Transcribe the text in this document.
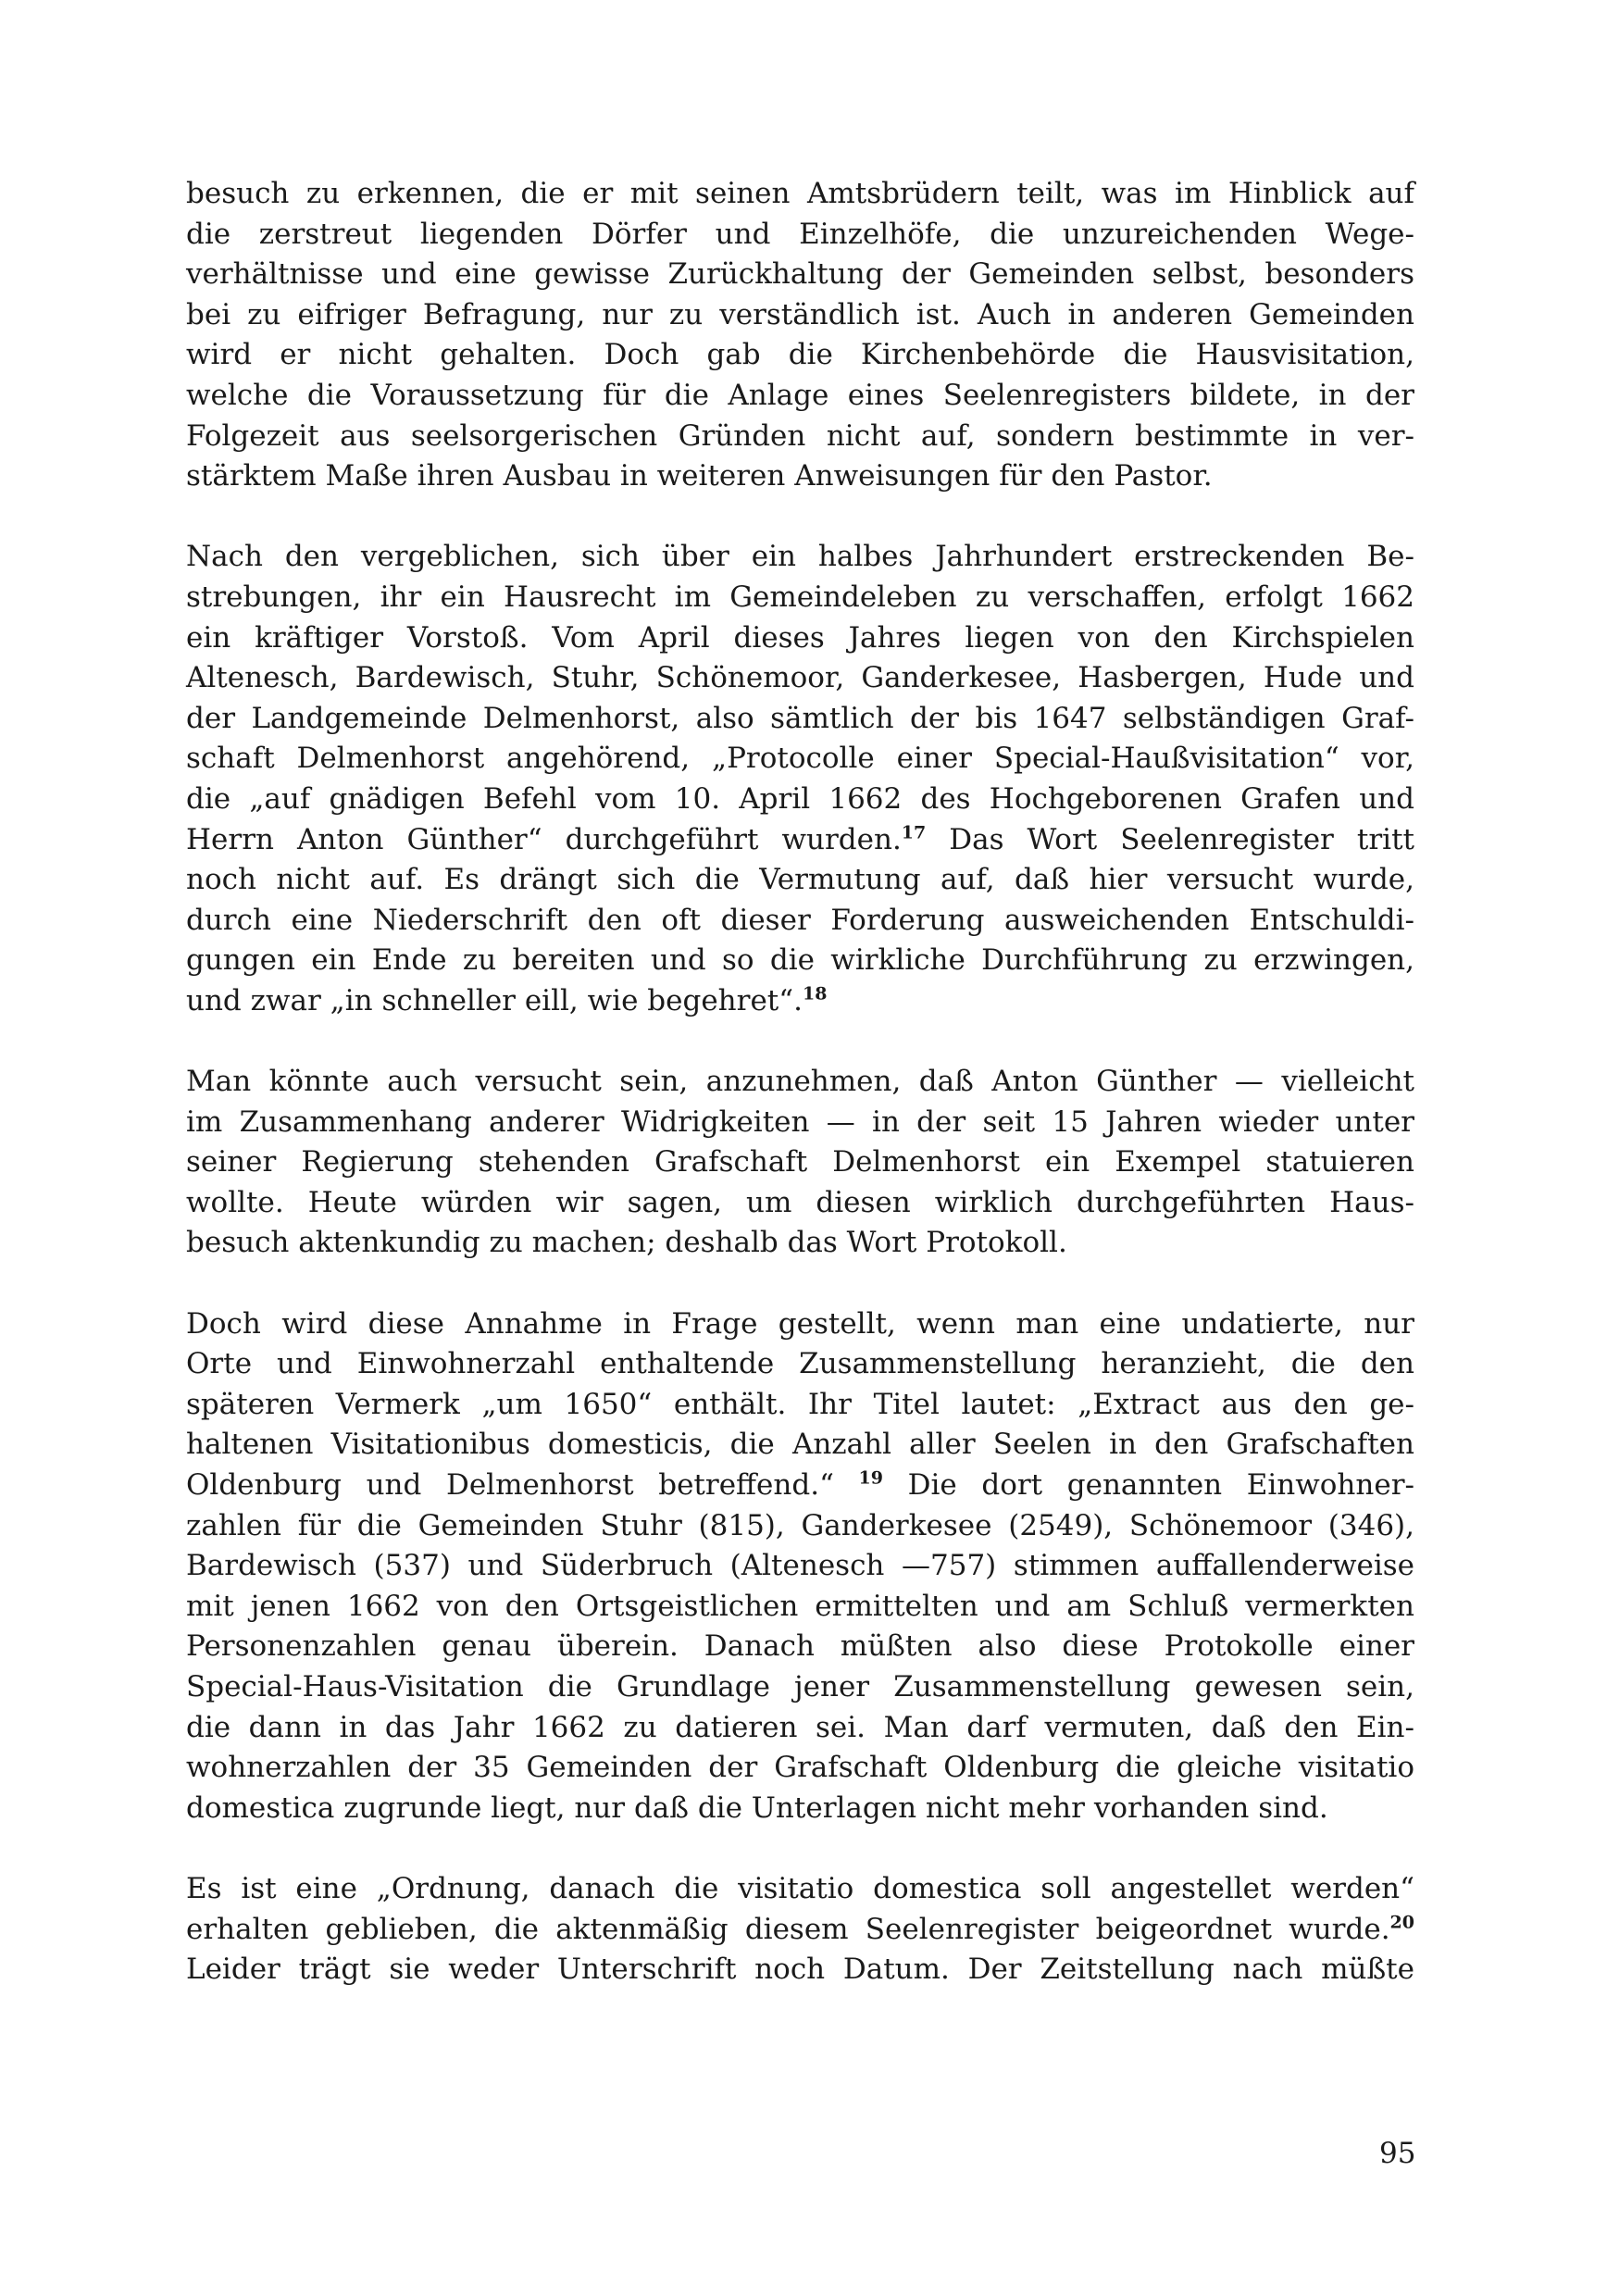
besuch zu erkennen, die er mit seinen Amtsbrüdern teilt, was im Hinblick auf
die zerstreut liegenden Dörfer und Einzelhöfe, die unzureichenden Wege-
verhältnisse und eine gewisse Zurückhaltung der Gemeinden selbst, besonders
bei zu eifriger Befragung, nur zu verständlich ist. Auch in anderen Gemeinden
wird er nicht gehalten. Doch gab die Kirchenbehörde die Hausvisitation,
welche die Voraussetzung für die Anlage eines Seelenregisters bildete, in der
Folgezeit aus seelsorgerischen Gründen nicht auf, sondern bestimmte in ver-
stärktem Maße ihren Ausbau in weiteren Anweisungen für den Pastor.
Nach den vergeblichen, sich über ein halbes Jahrhundert erstreckenden Be-
strebungen, ihr ein Hausrecht im Gemeindeleben zu verschaffen, erfolgt 1662
ein kräftiger Vorstoß. Vom April dieses Jahres liegen von den Kirchspielen
Altenesch, Bardewisch, Stuhr, Schönemoor, Ganderkesee, Hasbergen, Hude und
der Landgemeinde Delmenhorst, also sämtlich der bis 1647 selbständigen Graf-
schaft Delmenhorst angehörend, „Protocolle einer Special-Haußvisitation“ vor,
die „auf gnädigen Befehl vom 10. April 1662 des Hochgeborenen Grafen und
Herrn Anton Günther“ durchgeführt wurden.$^{17}$ Das Wort Seelenregister tritt
noch nicht auf. Es drängt sich die Vermutung auf, daß hier versucht wurde,
durch eine Niederschrift den oft dieser Forderung ausweichenden Entschuldi-
gungen ein Ende zu bereiten und so die wirkliche Durchführung zu erzwingen,
und zwar „in schneller eill, wie begehret“.$^{18}$
Man könnte auch versucht sein, anzunehmen, daß Anton Günther — vielleicht
im Zusammenhang anderer Widrigkeiten — in der seit 15 Jahren wieder unter
seiner Regierung stehenden Grafschaft Delmenhorst ein Exempel statuieren
wollte. Heute würden wir sagen, um diesen wirklich durchgeführten Haus-
besuch aktenkundig zu machen; deshalb das Wort Protokoll.
Doch wird diese Annahme in Frage gestellt, wenn man eine undatierte, nur
Orte und Einwohnerzahl enthaltende Zusammenstellung heranzieht, die den
späteren Vermerk „um 1650“ enthält. Ihr Titel lautet: „Extract aus den ge-
haltenen Visitationibus domesticis, die Anzahl aller Seelen in den Grafschaften
Oldenburg und Delmenhorst betreffend.“ $^{19}$ Die dort genannten Einwohner-
zahlen für die Gemeinden Stuhr (815), Ganderkesee (2549), Schönemoor (346),
Bardewisch (537) und Süderbruch (Altenesch —757) stimmen auffallenderweise
mit jenen 1662 von den Ortsgeistlichen ermittelten und am Schluß vermerkten
Personenzahlen genau überein. Danach müßten also diese Protokolle einer
Special-Haus-Visitation die Grundlage jener Zusammenstellung gewesen sein,
die dann in das Jahr 1662 zu datieren sei. Man darf vermuten, daß den Ein-
wohnerzahlen der 35 Gemeinden der Grafschaft Oldenburg die gleiche visitatio
domestica zugrunde liegt, nur daß die Unterlagen nicht mehr vorhanden sind.
Es ist eine „Ordnung, danach die visitatio domestica soll angestellet werden“
erhalten geblieben, die aktenmäßig diesem Seelenregister beigeordnet wurde.$^{20}$
Leider trägt sie weder Unterschrift noch Datum. Der Zeitstellung nach müßte
95
